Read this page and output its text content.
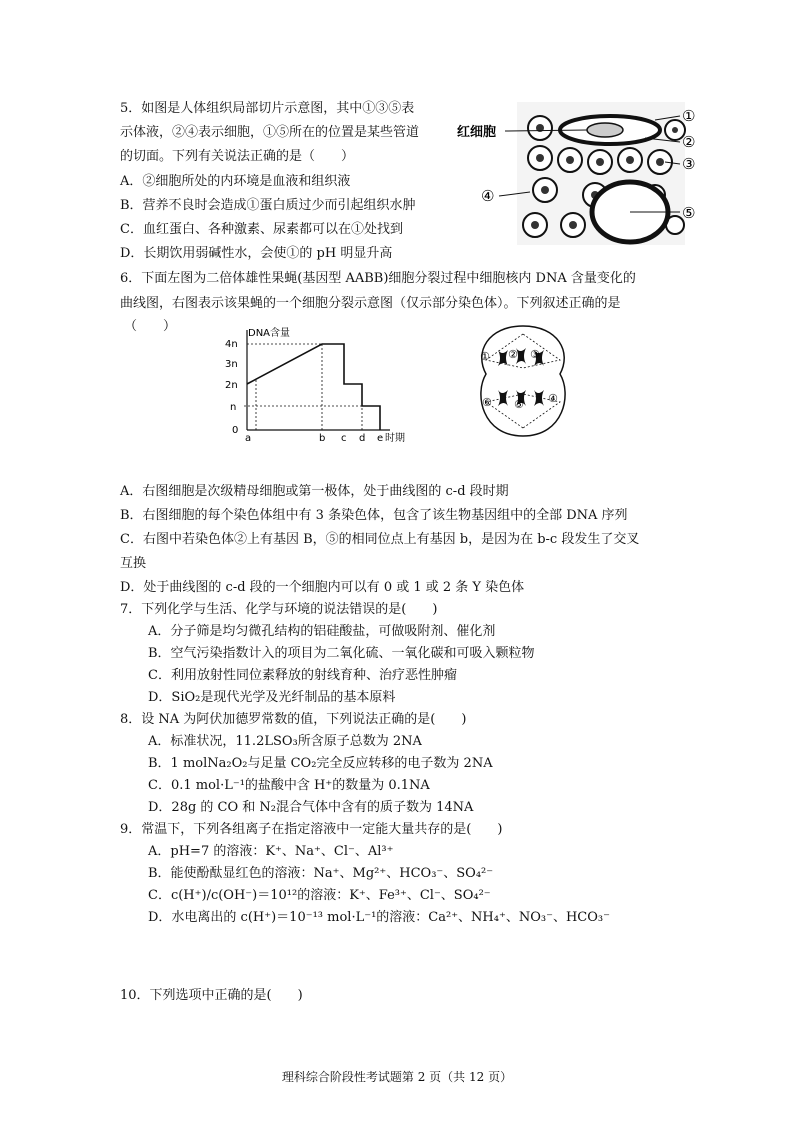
5．如图是人体组织局部切片示意图，其中①③⑤表
示体液，②④表示细胞，①⑤所在的位置是某些管道
的切面。下列有关说法正确的是（　　）
A．②细胞所处的内环境是血液和组织液
B．营养不良时会造成①蛋白质过少而引起组织水肿
C．血红蛋白、各种激素、尿素都可以在①处找到
D．长期饮用弱碱性水，会使①的 pH 明显升高
红细胞
①
②
③
④
⑤
6．下面左图为二倍体雄性果蝇(基因型 AABB)细胞分裂过程中细胞核内 DNA 含量变化的
曲线图，右图表示该果蝇的一个细胞分裂示意图（仅示部分染色体）。下列叙述正确的是
（　　）	DNA含量
4n
3n
2n
n
0
a	b c d e 时期
① ② ③
④
⑤
⑥
A．右图细胞是次级精母细胞或第一极体，处于曲线图的 c-d 段时期
B．右图细胞的每个染色体组中有 3 条染色体，包含了该生物基因组中的全部 DNA 序列
C．右图中若染色体②上有基因 B，⑤的相同位点上有基因 b，是因为在 b-c 段发生了交叉
互换
D．处于曲线图的 c-d 段的一个细胞内可以有 0 或 1 或 2 条 Y 染色体
7．下列化学与生活、化学与环境的说法错误的是(　　)
A．分子筛是均匀微孔结构的铝硅酸盐，可做吸附剂、催化剂
B．空气污染指数计入的项目为二氧化硫、一氧化碳和可吸入颗粒物
C．利用放射性同位素释放的射线育种、治疗恶性肿瘤
D．SiO₂是现代光学及光纤制品的基本原料
8．设 NA 为阿伏加德罗常数的值，下列说法正确的是(　　)
A．标准状况，11.2LSO₃所含原子总数为 2NA
B．1 molNa₂O₂与足量 CO₂完全反应转移的电子数为 2NA
C．0.1 mol·L⁻¹的盐酸中含 H⁺的数量为 0.1NA
D．28g 的 CO 和 N₂混合气体中含有的质子数为 14NA
9．常温下，下列各组离子在指定溶液中一定能大量共存的是(　　)
A．pH=7 的溶液：K⁺、Na⁺、Cl⁻、Al³⁺
B．能使酚酞显红色的溶液：Na⁺、Mg²⁺、HCO₃⁻、SO₄²⁻
C．c(H⁺)/c(OH⁻)＝10¹²的溶液：K⁺、Fe³⁺、Cl⁻、SO₄²⁻
D．水电离出的 c(H⁺)＝10⁻¹³ mol·L⁻¹的溶液：Ca²⁺、NH₄⁺、NO₃⁻、HCO₃⁻
10．下列选项中正确的是(　　)
理科综合阶段性考试题第 2 页（共 12 页）
